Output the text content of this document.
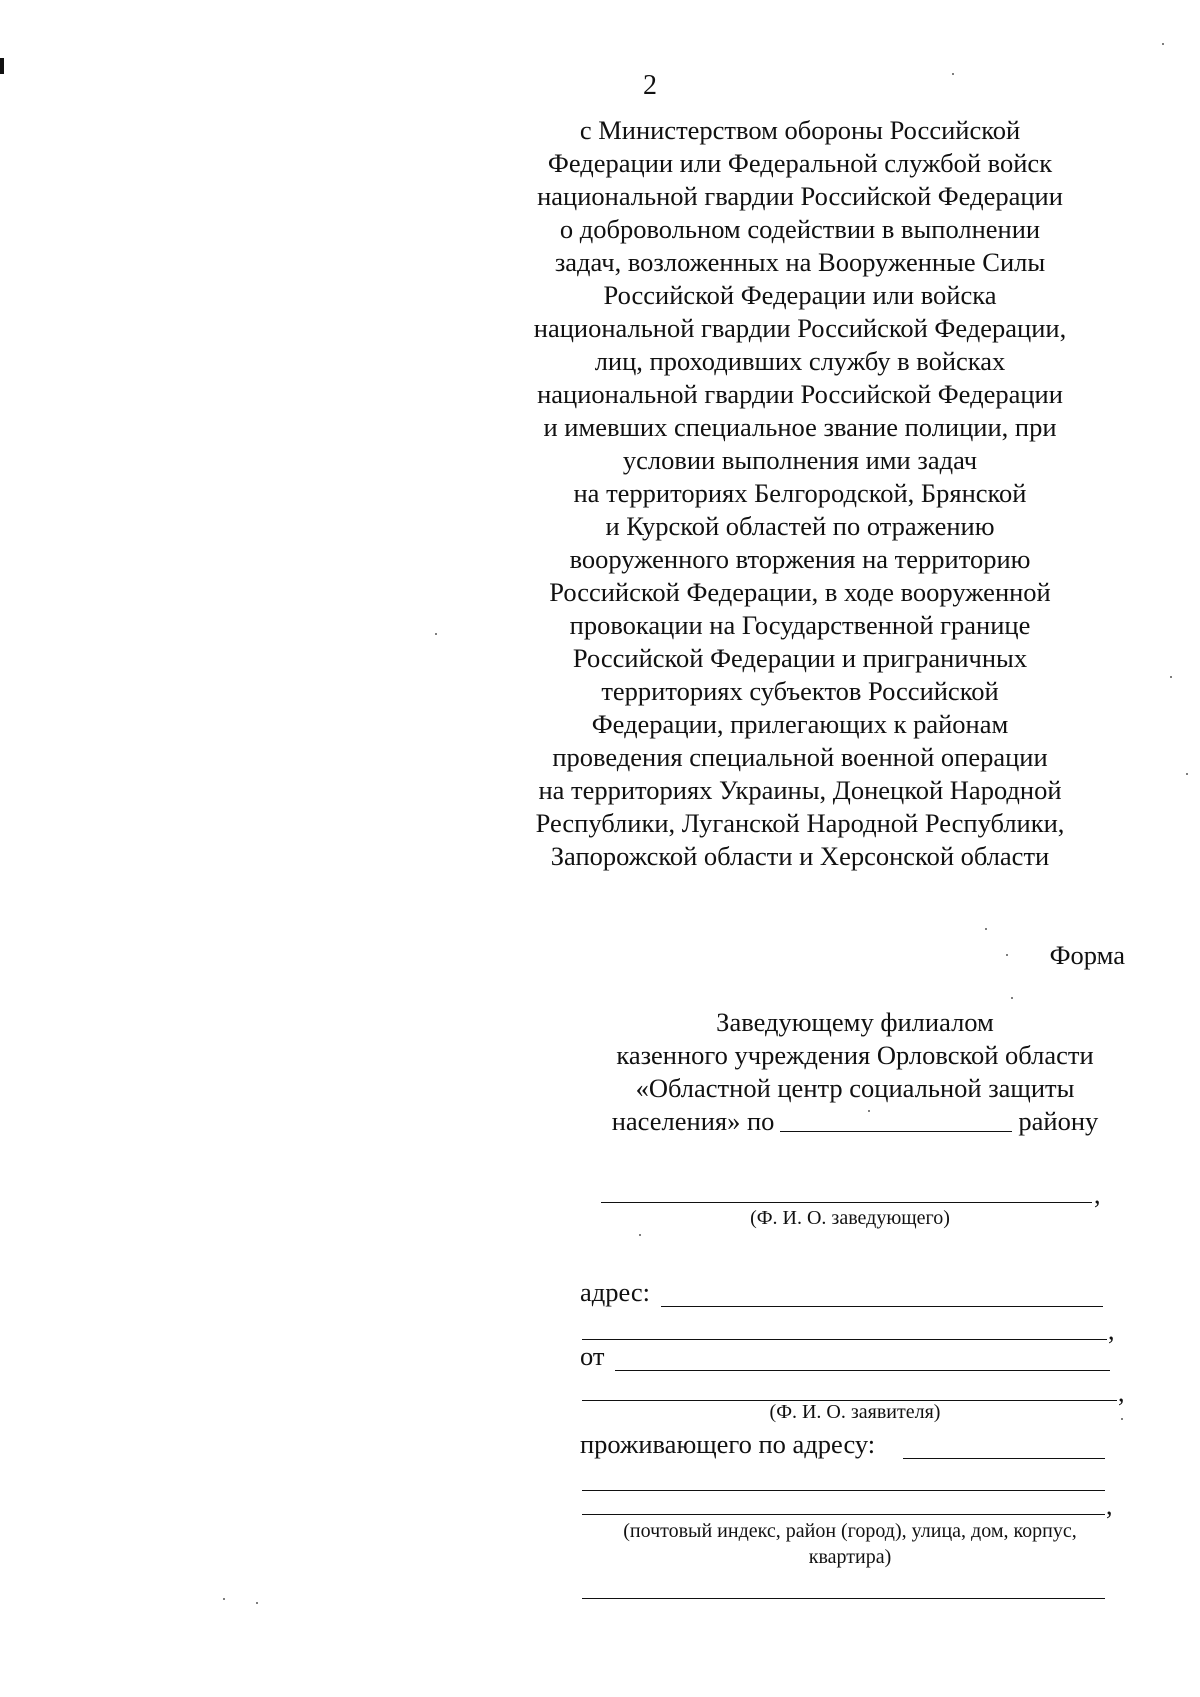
2
с Министерством обороны Российской
Федерации или Федеральной службой войск
национальной гвардии Российской Федерации
о добровольном содействии в выполнении
задач, возложенных на Вооруженные Силы
Российской Федерации или войска
национальной гвардии Российской Федерации,
лиц, проходивших службу в войсках
национальной гвардии Российской Федерации
и имевших специальное звание полиции, при
условии выполнения ими задач
на территориях Белгородской, Брянской
и Курской областей по отражению
вооруженного вторжения на территорию
Российской Федерации, в ходе вооруженной
провокации на Государственной границе
Российской Федерации и приграничных
территориях субъектов Российской
Федерации, прилегающих к районам
проведения специальной военной операции
на территориях Украины, Донецкой Народной
Республики, Луганской Народной Республики,
Запорожской области и Херсонской области
Форма
Заведующему филиалом
казенного учреждения Орловской области
«Областной центр социальной защиты
населения» по	району
,
(Ф. И. О. заведующего)
адрес:
,
от
,
(Ф. И. О. заявителя)
проживающего по адресу:
,
(почтовый индекс, район (город), улица, дом, корпус,
квартира)
